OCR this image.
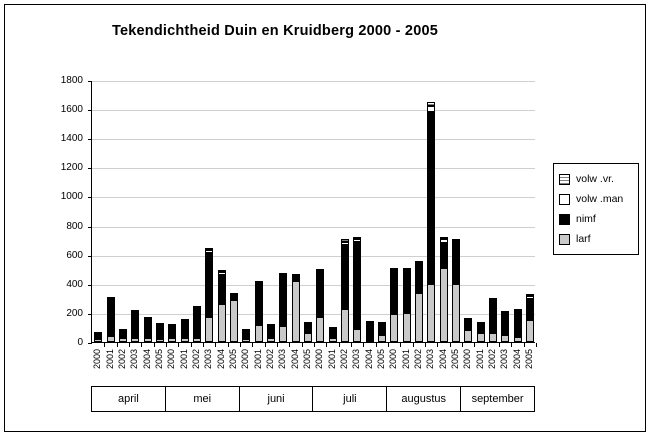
Tekendichtheid Duin en Kruidberg 2000 - 2005
0
200
400
600
800
1000
1200
1400
1600
1800
2000 2001 2002 2003 2004 2005 2000 2001 2002 2003 2004 2005 2000 2001 2002 2003 2004 2005 2000 2001 2002 2003 2004 2005 2000 2001 2002 2003 2004 2005 2000 2001 2002 2003 2004 2005
april	mei	juni	juli	augustus	september
volw .vr.
volw .man
nimf
larf
